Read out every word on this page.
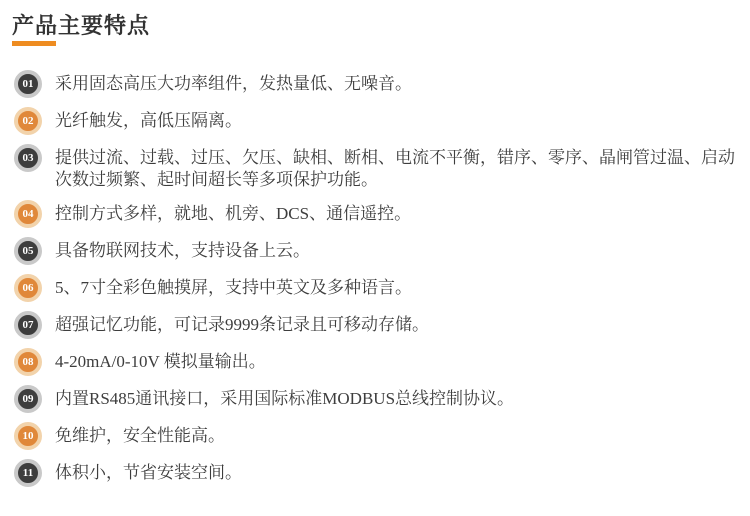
产品主要特点
01	采用固态高压大功率组件，发热量低、无噪音。
02	光纤触发，高低压隔离。
03	提供过流、过载、过压、欠压、缺相、断相、电流不平衡，错序、零序、晶闸管过温、启动次数过频繁、起时间超长等多项保护功能。
04	控制方式多样，就地、机旁、DCS、通信遥控。
05	具备物联网技术，支持设备上云。
06	5、7寸全彩色触摸屏，支持中英文及多种语言。
07	超强记忆功能，可记录9999条记录且可移动存储。
08	4-20mA/0-10V 模拟量输出。
09	内置RS485通讯接口，采用国际标准MODBUS总线控制协议。
10	免维护，安全性能高。
11	体积小，节省安装空间。
